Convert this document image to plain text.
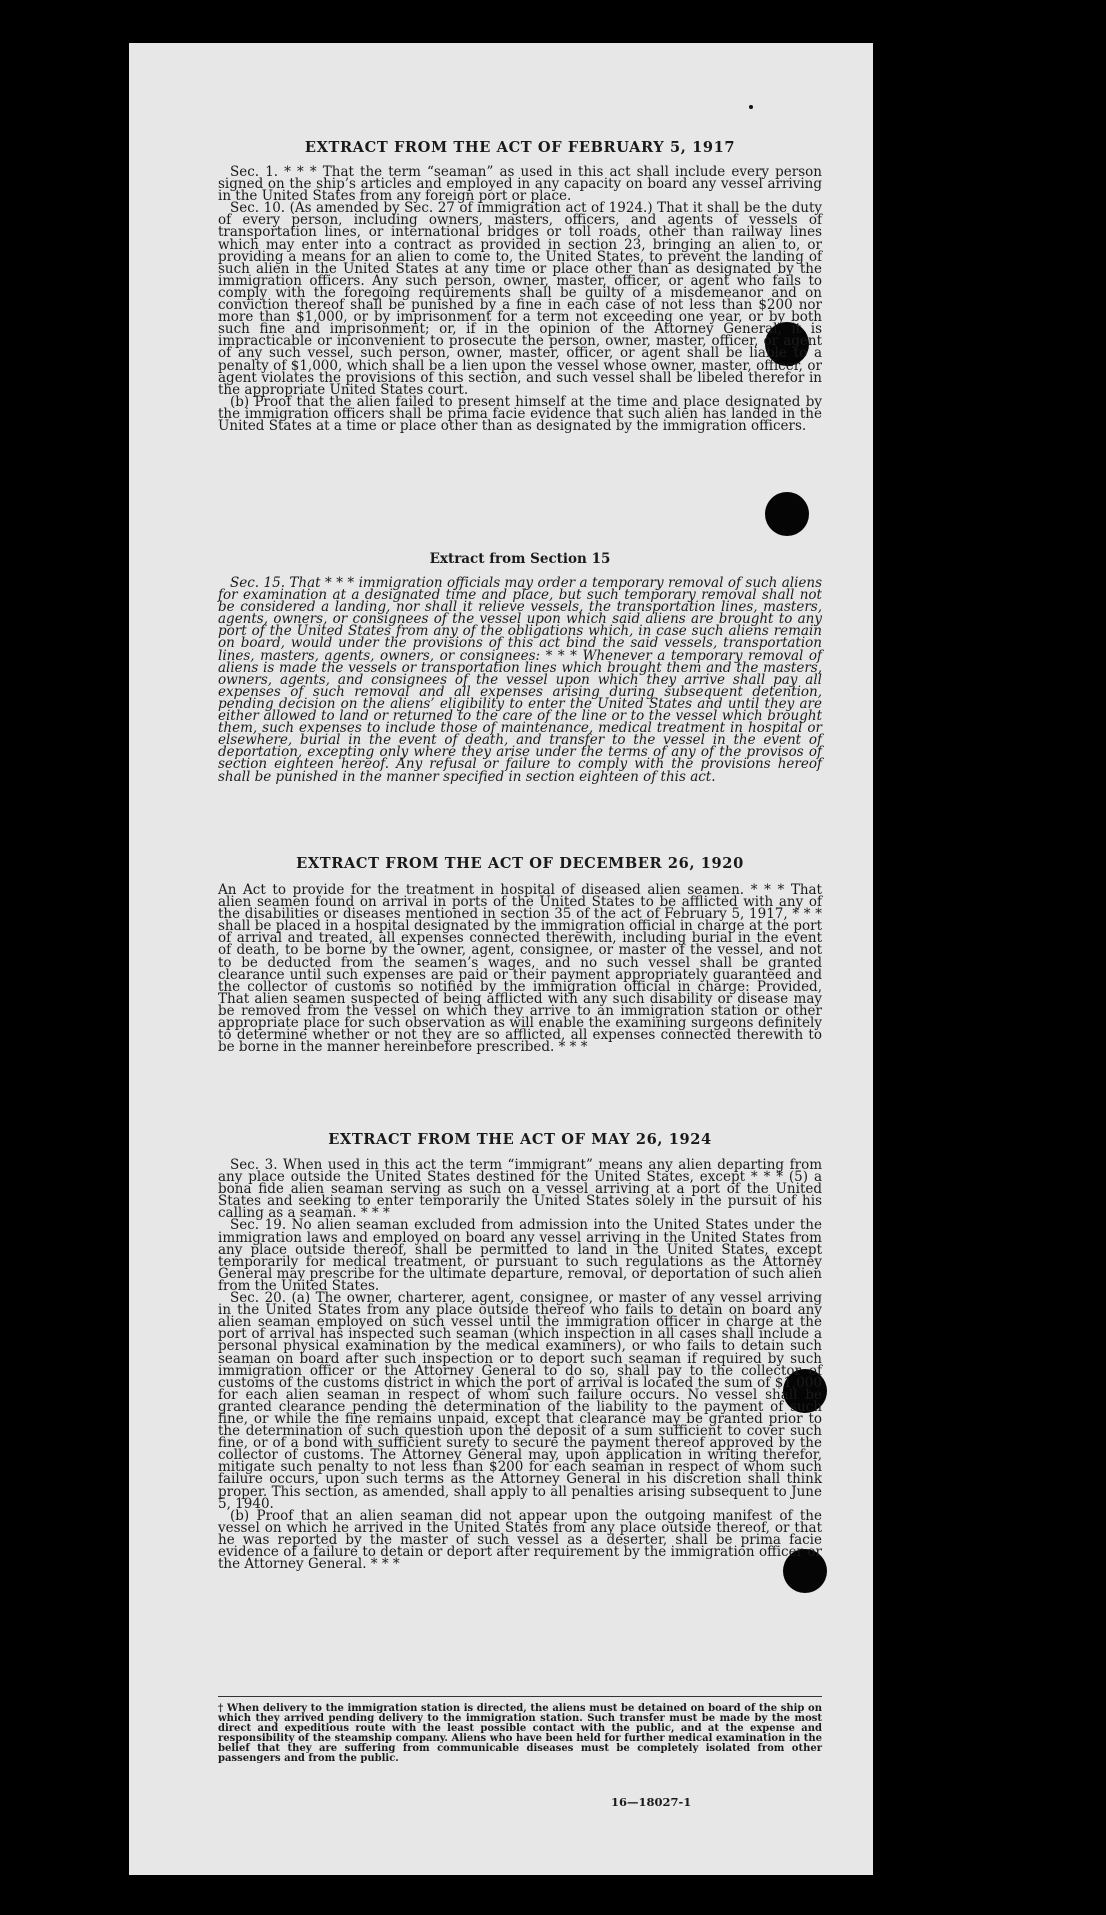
EXTRACT FROM THE ACT OF FEBRUARY 5, 1917

Sec. 1. * * * That the term “seaman” as used in this act shall include every person signed on the ship’s articles and employed in any capacity on board any vessel arriving in the United States from any foreign port or place.

Sec. 10. (As amended by Sec. 27 of immigration act of 1924.) That it shall be the duty of every person, including owners, masters, officers, and agents of vessels of transportation lines, or international bridges or toll roads, other than railway lines which may enter into a contract as provided in section 23, bringing an alien to, or providing a means for an alien to come to, the United States, to prevent the landing of such alien in the United States at any time or place other than as designated by the immigration officers. Any such person, owner, master, officer, or agent who fails to comply with the foregoing requirements shall be guilty of a misdemeanor and on conviction thereof shall be punished by a fine in each case of not less than $200 nor more than $1,000, or by imprisonment for a term not exceeding one year, or by both such fine and imprisonment; or, if in the opinion of the Attorney General, it is impracticable or inconvenient to prosecute the person, owner, master, officer, or agent of any such vessel, such person, owner, master, officer, or agent shall be liable to a penalty of $1,000, which shall be a lien upon the vessel whose owner, master, officer, or agent violates the provisions of this section, and such vessel shall be libeled therefor in the appropriate United States court.

(b) Proof that the alien failed to present himself at the time and place designated by the immigration officers shall be prima facie evidence that such alien has landed in the United States at a time or place other than as designated by the immigration officers.

Extract from Section 15

Sec. 15. That * * * immigration officials may order a temporary removal of such aliens for examination at a designated time and place, but such temporary removal shall not be considered a landing, nor shall it relieve vessels, the transportation lines, masters, agents, owners, or consignees of the vessel upon which said aliens are brought to any port of the United States from any of the obligations which, in case such aliens remain on board, would under the provisions of this act bind the said vessels, transportation lines, masters, agents, owners, or consignees: * * * Whenever a temporary removal of aliens is made the vessels or transportation lines which brought them and the masters, owners, agents, and consignees of the vessel upon which they arrive shall pay all expenses of such removal and all expenses arising during subsequent detention, pending decision on the aliens’ eligibility to enter the United States and until they are either allowed to land or returned to the care of the line or to the vessel which brought them, such expenses to include those of maintenance, medical treatment in hospital or elsewhere, burial in the event of death, and transfer to the vessel in the event of deportation, excepting only where they arise under the terms of any of the provisos of section eighteen hereof. Any refusal or failure to comply with the provisions hereof shall be punished in the manner specified in section eighteen of this act.

EXTRACT FROM THE ACT OF DECEMBER 26, 1920

An Act to provide for the treatment in hospital of diseased alien seamen. * * * That alien seamen found on arrival in ports of the United States to be afflicted with any of the disabilities or diseases mentioned in section 35 of the act of February 5, 1917, * * * shall be placed in a hospital designated by the immigration official in charge at the port of arrival and treated, all expenses connected therewith, including burial in the event of death, to be borne by the owner, agent, consignee, or master of the vessel, and not to be deducted from the seamen’s wages, and no such vessel shall be granted clearance until such expenses are paid or their payment appropriately guaranteed and the collector of customs so notified by the immigration official in charge: Provided, That alien seamen suspected of being afflicted with any such disability or disease may be removed from the vessel on which they arrive to an immigration station or other appropriate place for such observation as will enable the examining surgeons definitely to determine whether or not they are so afflicted, all expenses connected therewith to be borne in the manner hereinbefore prescribed. * * *

EXTRACT FROM THE ACT OF MAY 26, 1924

Sec. 3. When used in this act the term “immigrant” means any alien departing from any place outside the United States destined for the United States, except * * * (5) a bona fide alien seaman serving as such on a vessel arriving at a port of the United States and seeking to enter temporarily the United States solely in the pursuit of his calling as a seaman. * * *

Sec. 19. No alien seaman excluded from admission into the United States under the immigration laws and employed on board any vessel arriving in the United States from any place outside thereof, shall be permitted to land in the United States, except temporarily for medical treatment, or pursuant to such regulations as the Attorney General may prescribe for the ultimate departure, removal, or deportation of such alien from the United States.

Sec. 20. (a) The owner, charterer, agent, consignee, or master of any vessel arriving in the United States from any place outside thereof who fails to detain on board any alien seaman employed on such vessel until the immigration officer in charge at the port of arrival has inspected such seaman (which inspection in all cases shall include a personal physical examination by the medical examiners), or who fails to detain such seaman on board after such inspection or to deport such seaman if required by such immigration officer or the Attorney General to do so, shall pay to the collector of customs of the customs district in which the port of arrival is located the sum of $1,000 for each alien seaman in respect of whom such failure occurs. No vessel shall be granted clearance pending the determination of the liability to the payment of such fine, or while the fine remains unpaid, except that clearance may be granted prior to the determination of such question upon the deposit of a sum sufficient to cover such fine, or of a bond with sufficient surety to secure the payment thereof approved by the collector of customs. The Attorney General may, upon application in writing therefor, mitigate such penalty to not less than $200 for each seaman in respect of whom such failure occurs, upon such terms as the Attorney General in his discretion shall think proper. This section, as amended, shall apply to all penalties arising subsequent to June 5, 1940.

(b) Proof that an alien seaman did not appear upon the outgoing manifest of the vessel on which he arrived in the United States from any place outside thereof, or that he was reported by the master of such vessel as a deserter, shall be prima facie evidence of a failure to detain or deport after requirement by the immigration officer or the Attorney General. * * *

† When delivery to the immigration station is directed, the aliens must be detained on board of the ship on which they arrived pending delivery to the immigration station. Such transfer must be made by the most direct and expeditious route with the least possible contact with the public, and at the expense and responsibility of the steamship company. Aliens who have been held for further medical examination in the belief that they are suffering from communicable diseases must be completely isolated from other passengers and from the public.

16—18027-1
